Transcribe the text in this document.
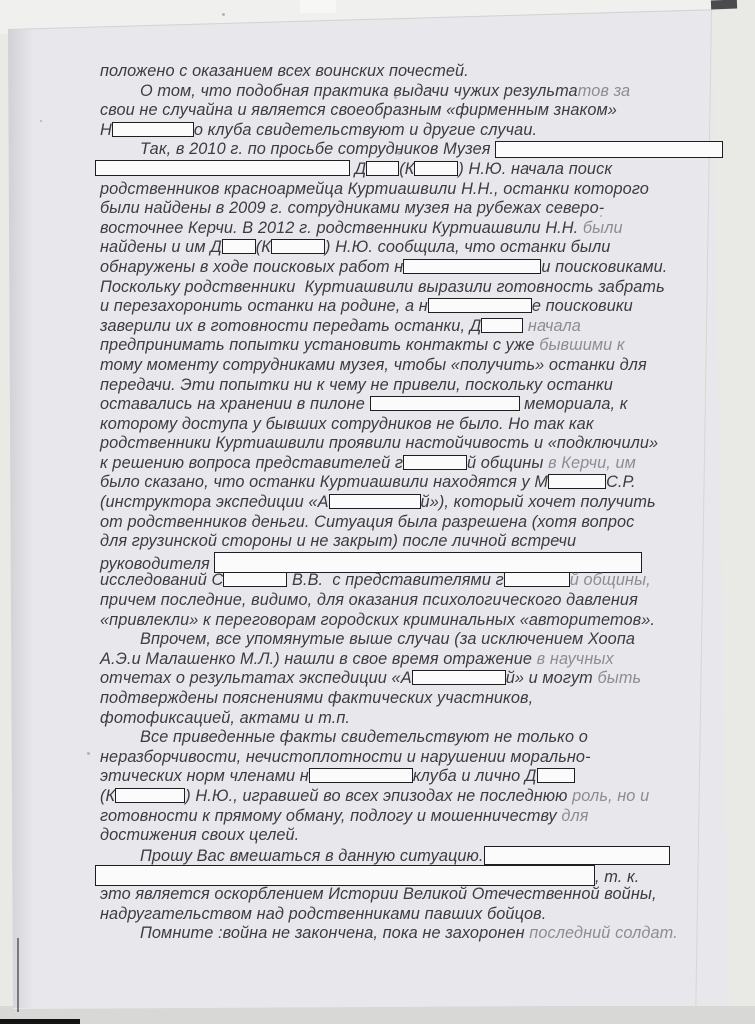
положено с оказанием всех воинских почестей.
О том, что подобная практика выдачи чужих результатов за
свои не случайна и является своеобразным «фирменным знаком»
Н	о клуба свидетельствуют и другие случаи.
Так, в 2010 г. по просьбе сотрудников Музея
Д (К	) Н.Ю. начала поиск
родственников красноармейца Куртиашвили Н.Н., останки которого
были найдены в 2009 г. сотрудниками музея на рубежах северо-
восточнее Керчи. В 2012 г. родственники Куртиашвили Н.Н. были
найдены и им Д (К	) Н.Ю. сообщила, что останки были
обнаружены в ходе поисковых работ н	и поисковиками.
Поскольку родственники  Куртиашвили выразили готовность забрать
и перезахоронить останки на родине, а н	е поисковики
заверили их в готовности передать останки, Д	начала
предпринимать попытки установить контакты с уже бывшими к
тому моменту сотрудниками музея, чтобы «получить» останки для
передачи. Эти попытки ни к чему не привели, поскольку останки
оставались на хранении в пилоне	мемориала, к
которому доступа у бывших сотрудников не было. Но так как
родственники Куртиашвили проявили настойчивость и «подключили»
к решению вопроса представителей г	й общины в Керчи, им
было сказано, что останки Куртиашвили находятся у М	С.Р.
(инструктора экспедиции «А	й»), который хочет получить
от родственников деньги. Ситуация была разрешена (хотя вопрос
для грузинской стороны и не закрыт) после личной встречи
руководителя
исследований С	В.В.  с представителями г	й общины,
причем последние, видимо, для оказания психологического давления
«привлекли» к переговорам городских криминальных «авторитетов».
Впрочем, все упомянутые выше случаи (за исключением Хоопа
А.Э.и Малашенко М.Л.) нашли в свое время отражение в научных
отчетах о результатах экспедиции «А	й» и могут быть
подтверждены пояснениями фактических участников,
фотофиксацией, актами и т.п.
Все приведенные факты свидетельствуют не только о
неразборчивости, нечистоплотности и нарушении морально-
этических норм членами н	клуба и лично Д
(К	) Н.Ю., игравшей во всех эпизодах не последнюю роль, но и
готовности к прямому обману, подлогу и мошенничеству для
достижения своих целей.
Прошу Вас вмешаться в данную ситуацию.
, т. к.
это является оскорблением Истории Великой Отечественной войны,
надругательством над родственниками павших бойцов.
Помните :война не закончена, пока не захоронен последний солдат.
